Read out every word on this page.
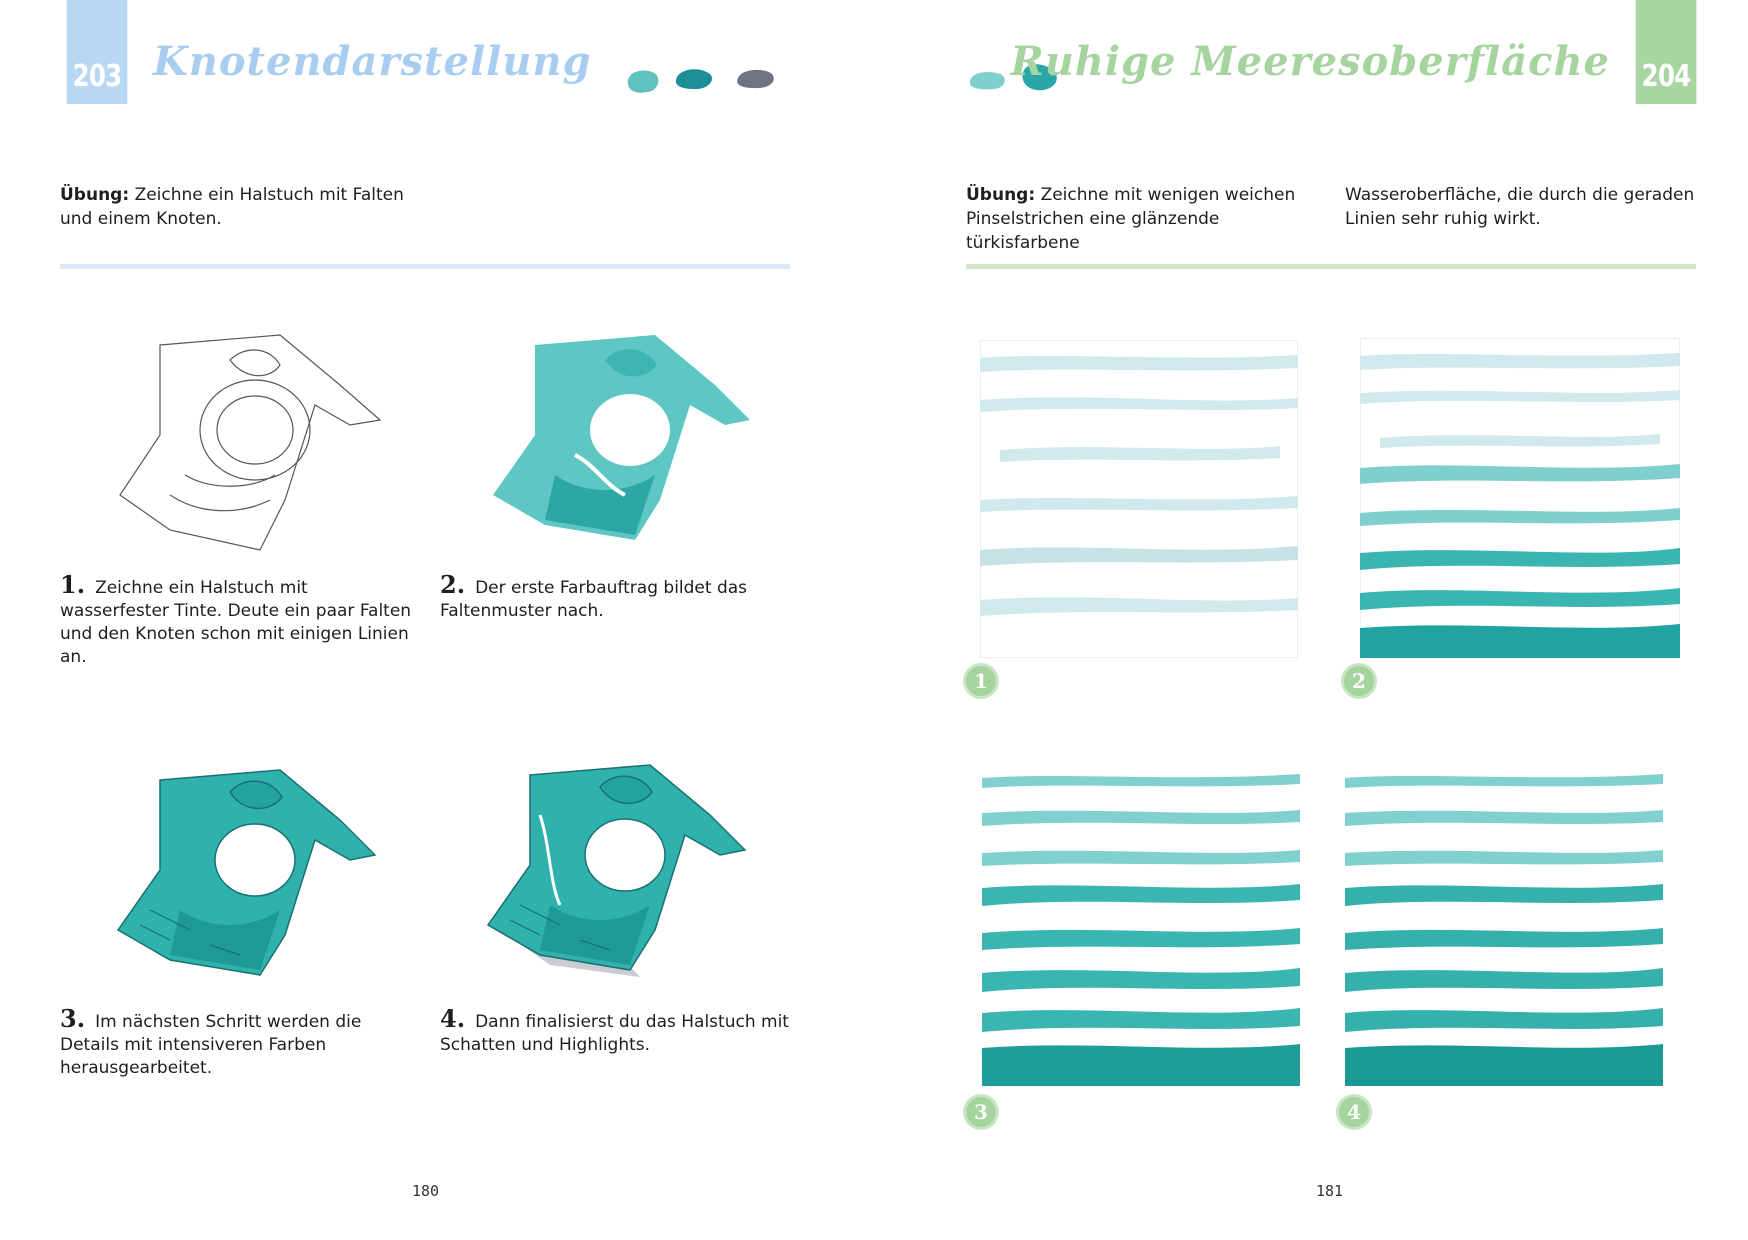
203 Knotendarstellung	Ruhige Meeresoberfläche 204
Übung: Zeichne ein Halstuch mit Falten und einem Knoten.
Übung: Zeichne mit wenigen weichen Pinselstrichen eine glänzende türkisfarbene
Wasseroberfläche, die durch die geraden Linien sehr ruhig wirkt.
1. Zeichne ein Halstuch mit wasserfester Tinte. Deute ein paar Falten und den Knoten schon mit einigen Linien an.
2. Der erste Farbauftrag bildet das Faltenmuster nach.
3. Im nächsten Schritt werden die Details mit intensiveren Farben herausgearbeitet.
4. Dann finalisierst du das Halstuch mit Schatten und Highlights.
1	2
3	4
180	181
